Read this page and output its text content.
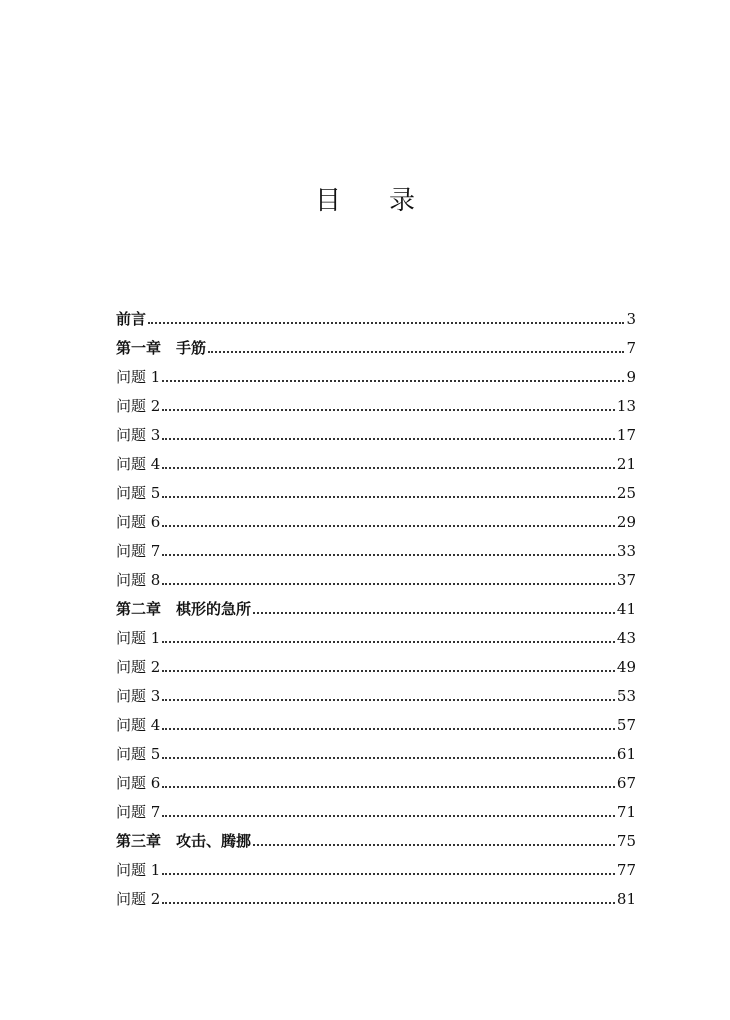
目 录
前言	3
第一章　手筋	7
问题 1	9
问题 2	13
问题 3	17
问题 4	21
问题 5	25
问题 6	29
问题 7	33
问题 8	37
第二章　棋形的急所	41
问题 1	43
问题 2	49
问题 3	53
问题 4	57
问题 5	61
问题 6	67
问题 7	71
第三章　攻击、腾挪	75
问题 1	77
问题 2	81
